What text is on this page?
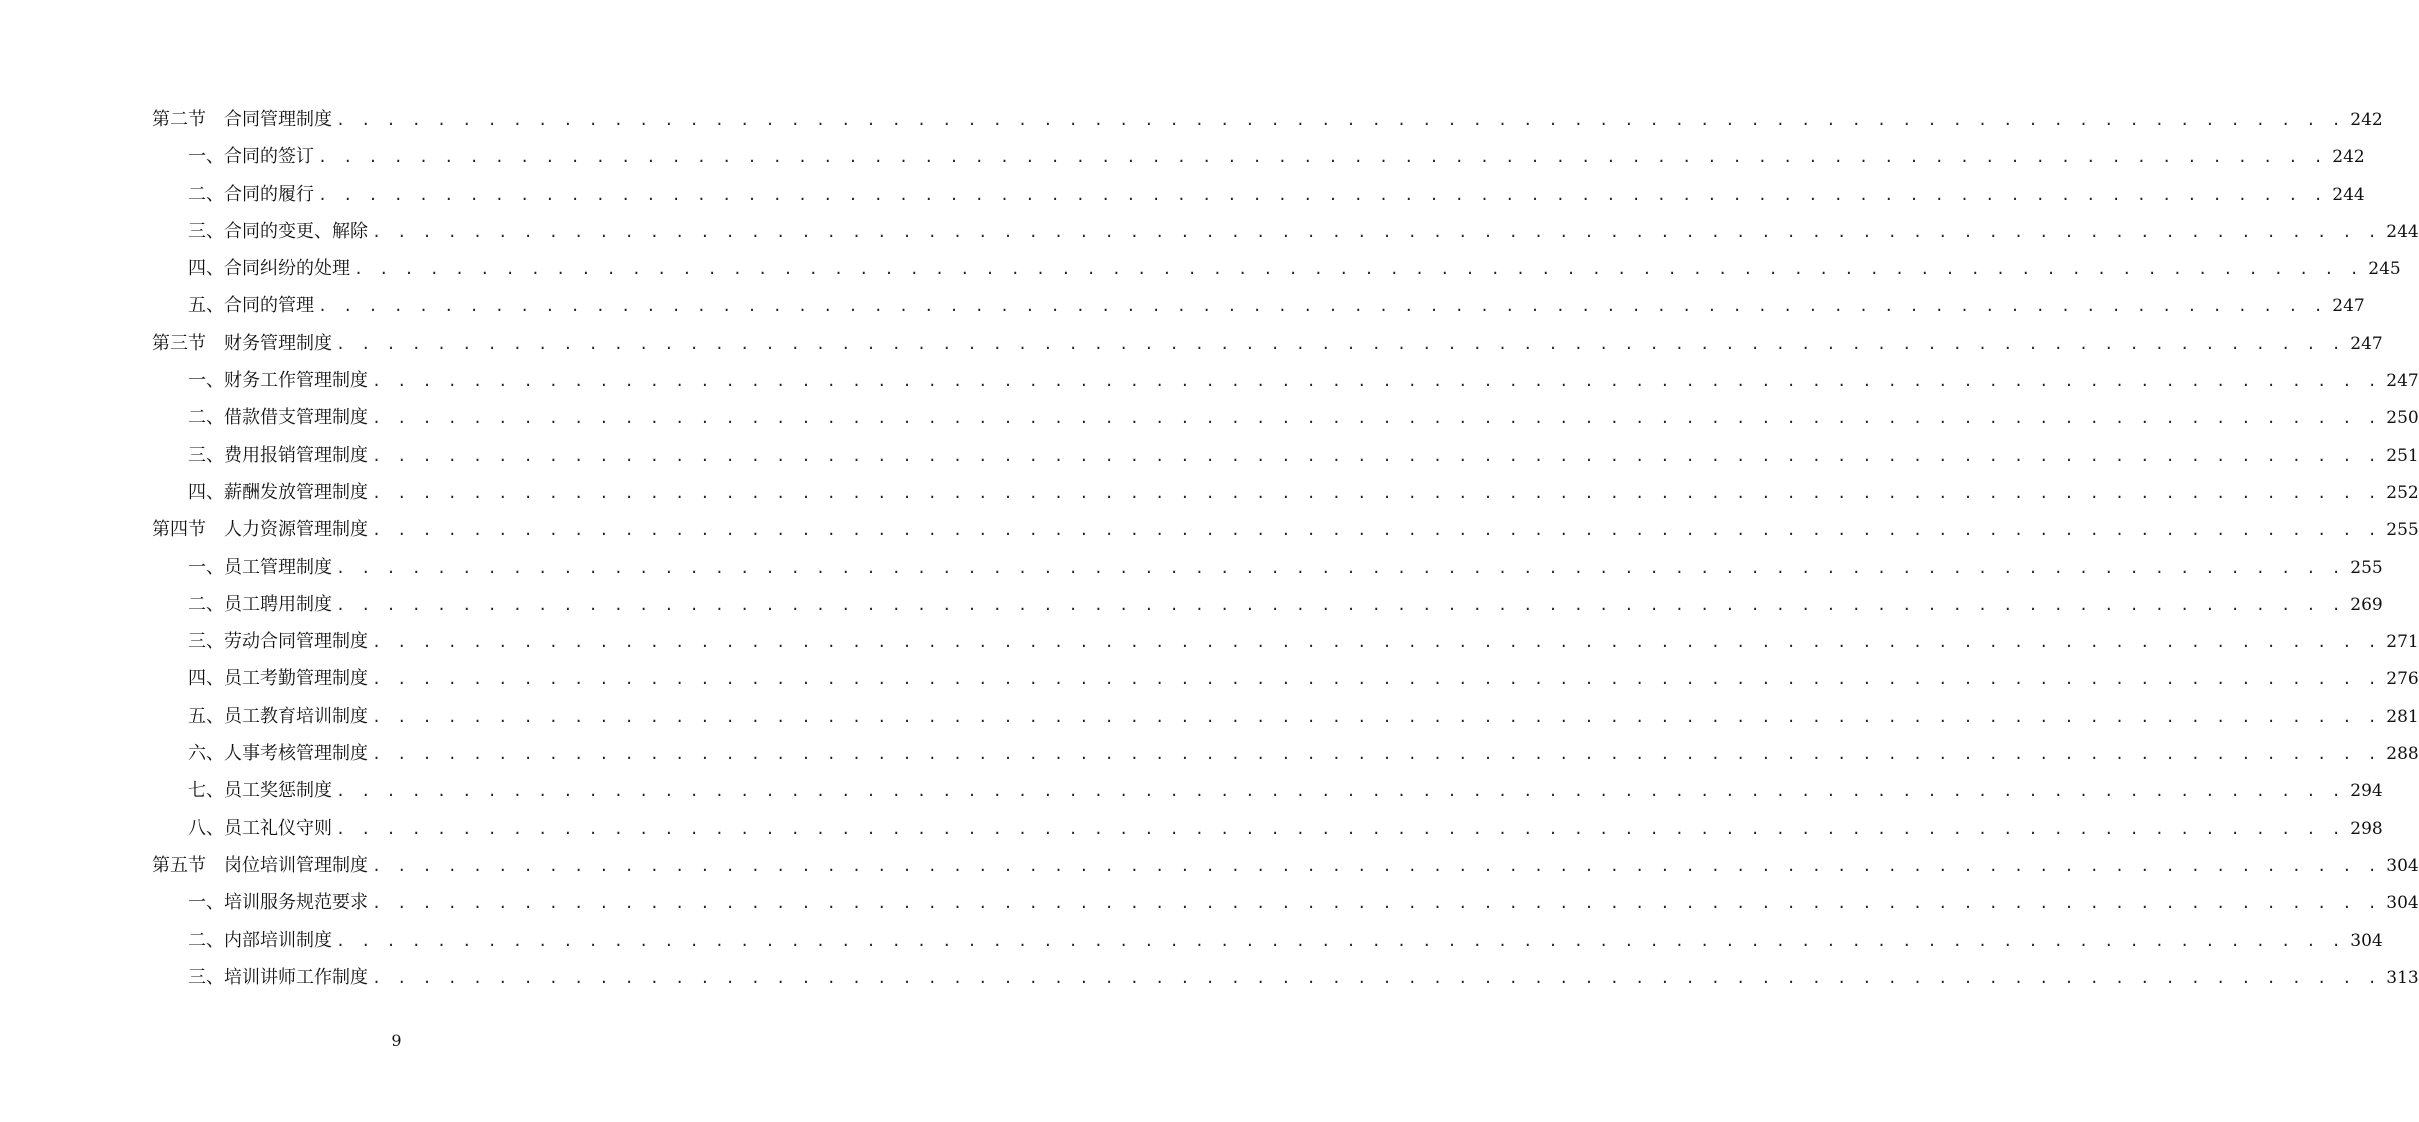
第二节　合同管理制度 . . . . . . . . . . . . . . . . . . . . . . . . . . . . . . . . . . . . . . . . . . . . . . . . . . . . . . . . . . . . . . . . . . . . . . . . . . . . . . . . 242
一、合同的签订 . . . . . . . . . . . . . . . . . . . . . . . . . . . . . . . . . . . . . . . . . . . . . . . . . . . . . . . . . . . . . . . . . . . . . . . . . . . . . . . . 242
二、合同的履行 . . . . . . . . . . . . . . . . . . . . . . . . . . . . . . . . . . . . . . . . . . . . . . . . . . . . . . . . . . . . . . . . . . . . . . . . . . . . . . . . 244
三、合同的变更、解除 . . . . . . . . . . . . . . . . . . . . . . . . . . . . . . . . . . . . . . . . . . . . . . . . . . . . . . . . . . . . . . . . . . . . . . . . . . . . . . . . 244
四、合同纠纷的处理 . . . . . . . . . . . . . . . . . . . . . . . . . . . . . . . . . . . . . . . . . . . . . . . . . . . . . . . . . . . . . . . . . . . . . . . . . . . . . . . . 245
五、合同的管理 . . . . . . . . . . . . . . . . . . . . . . . . . . . . . . . . . . . . . . . . . . . . . . . . . . . . . . . . . . . . . . . . . . . . . . . . . . . . . . . . 247
第三节　财务管理制度 . . . . . . . . . . . . . . . . . . . . . . . . . . . . . . . . . . . . . . . . . . . . . . . . . . . . . . . . . . . . . . . . . . . . . . . . . . . . . . . . 247
一、财务工作管理制度 . . . . . . . . . . . . . . . . . . . . . . . . . . . . . . . . . . . . . . . . . . . . . . . . . . . . . . . . . . . . . . . . . . . . . . . . . . . . . . . . 247
二、借款借支管理制度 . . . . . . . . . . . . . . . . . . . . . . . . . . . . . . . . . . . . . . . . . . . . . . . . . . . . . . . . . . . . . . . . . . . . . . . . . . . . . . . . 250
三、费用报销管理制度 . . . . . . . . . . . . . . . . . . . . . . . . . . . . . . . . . . . . . . . . . . . . . . . . . . . . . . . . . . . . . . . . . . . . . . . . . . . . . . . . 251
四、薪酬发放管理制度 . . . . . . . . . . . . . . . . . . . . . . . . . . . . . . . . . . . . . . . . . . . . . . . . . . . . . . . . . . . . . . . . . . . . . . . . . . . . . . . . 252
第四节　人力资源管理制度 . . . . . . . . . . . . . . . . . . . . . . . . . . . . . . . . . . . . . . . . . . . . . . . . . . . . . . . . . . . . . . . . . . . . . . . . . . . . . . . . 255
一、员工管理制度 . . . . . . . . . . . . . . . . . . . . . . . . . . . . . . . . . . . . . . . . . . . . . . . . . . . . . . . . . . . . . . . . . . . . . . . . . . . . . . . . 255
二、员工聘用制度 . . . . . . . . . . . . . . . . . . . . . . . . . . . . . . . . . . . . . . . . . . . . . . . . . . . . . . . . . . . . . . . . . . . . . . . . . . . . . . . . 269
三、劳动合同管理制度 . . . . . . . . . . . . . . . . . . . . . . . . . . . . . . . . . . . . . . . . . . . . . . . . . . . . . . . . . . . . . . . . . . . . . . . . . . . . . . . . 271
四、员工考勤管理制度 . . . . . . . . . . . . . . . . . . . . . . . . . . . . . . . . . . . . . . . . . . . . . . . . . . . . . . . . . . . . . . . . . . . . . . . . . . . . . . . . 276
五、员工教育培训制度 . . . . . . . . . . . . . . . . . . . . . . . . . . . . . . . . . . . . . . . . . . . . . . . . . . . . . . . . . . . . . . . . . . . . . . . . . . . . . . . . 281
六、人事考核管理制度 . . . . . . . . . . . . . . . . . . . . . . . . . . . . . . . . . . . . . . . . . . . . . . . . . . . . . . . . . . . . . . . . . . . . . . . . . . . . . . . . 288
七、员工奖惩制度 . . . . . . . . . . . . . . . . . . . . . . . . . . . . . . . . . . . . . . . . . . . . . . . . . . . . . . . . . . . . . . . . . . . . . . . . . . . . . . . . 294
八、员工礼仪守则 . . . . . . . . . . . . . . . . . . . . . . . . . . . . . . . . . . . . . . . . . . . . . . . . . . . . . . . . . . . . . . . . . . . . . . . . . . . . . . . . 298
第五节　岗位培训管理制度 . . . . . . . . . . . . . . . . . . . . . . . . . . . . . . . . . . . . . . . . . . . . . . . . . . . . . . . . . . . . . . . . . . . . . . . . . . . . . . . . 304
一、培训服务规范要求 . . . . . . . . . . . . . . . . . . . . . . . . . . . . . . . . . . . . . . . . . . . . . . . . . . . . . . . . . . . . . . . . . . . . . . . . . . . . . . . . 304
二、内部培训制度 . . . . . . . . . . . . . . . . . . . . . . . . . . . . . . . . . . . . . . . . . . . . . . . . . . . . . . . . . . . . . . . . . . . . . . . . . . . . . . . . 304
三、培训讲师工作制度 . . . . . . . . . . . . . . . . . . . . . . . . . . . . . . . . . . . . . . . . . . . . . . . . . . . . . . . . . . . . . . . . . . . . . . . . . . . . . . . . 313
9
